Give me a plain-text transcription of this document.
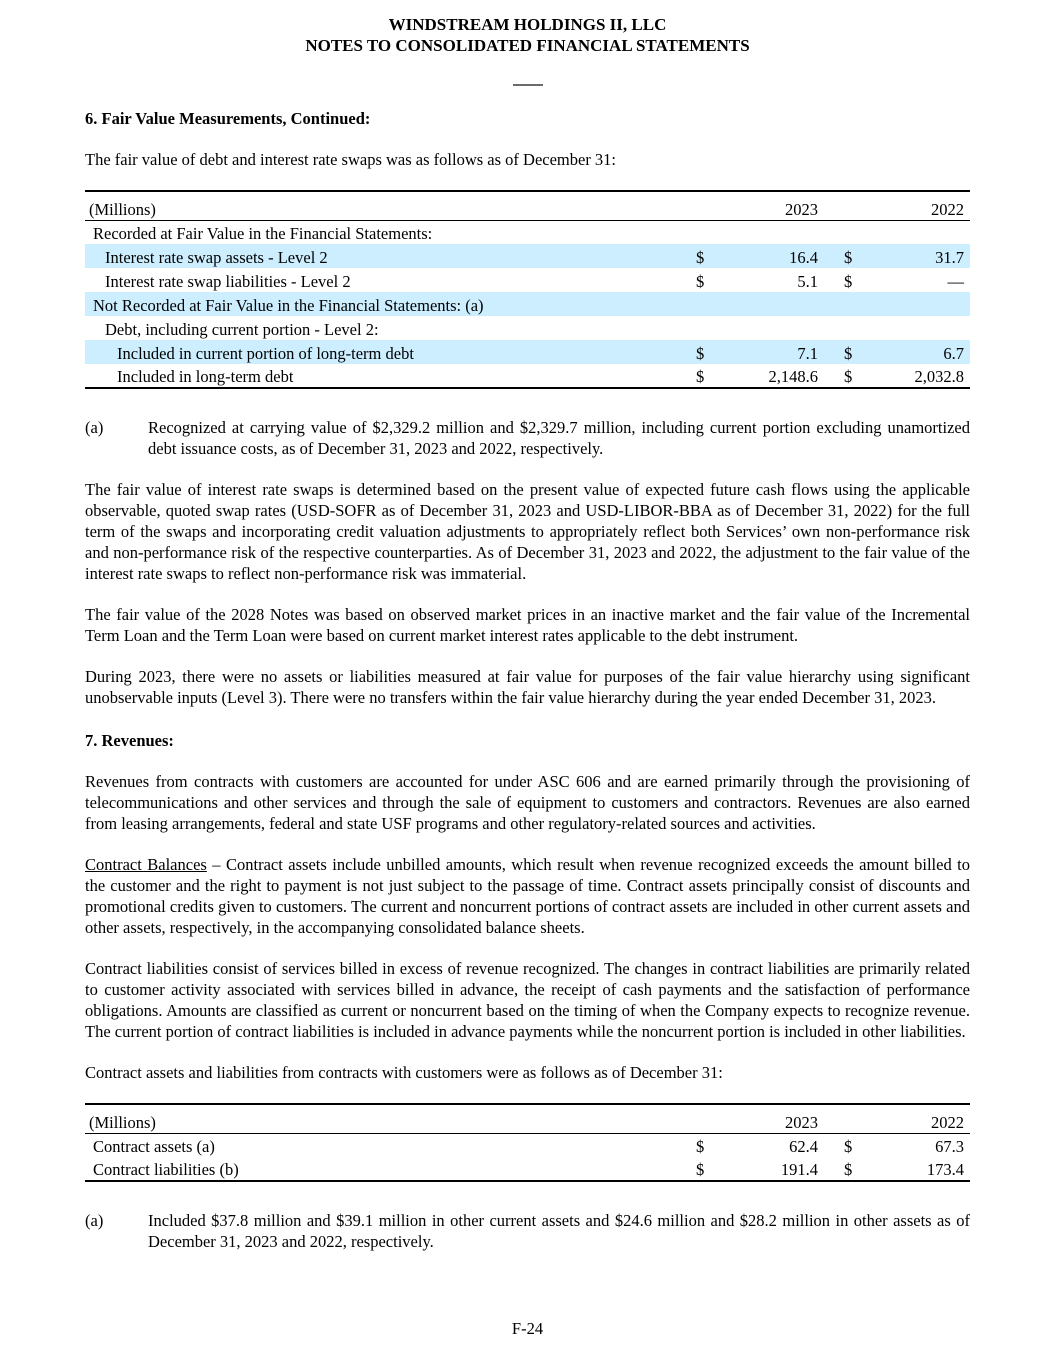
WINDSTREAM HOLDINGS II, LLC
NOTES TO CONSOLIDATED FINANCIAL STATEMENTS
6. Fair Value Measurements, Continued:
The fair value of debt and interest rate swaps was as follows as of December 31:
(Millions)	2023		2022		
Recorded at Fair Value in the Financial Statements:					
Interest rate swap assets - Level 2	$	16.4		$	31.7
Interest rate swap liabilities - Level 2	$	5.1		$	—
Not Recorded at Fair Value in the Financial Statements: (a)					
Debt, including current portion - Level 2:					
Included in current portion of long-term debt	$	7.1		$	6.7
Included in long-term debt	$	2,148.6		$	2,032.8
(a)	Recognized at carrying value of $2,329.2 million and $2,329.7 million, including current portion excluding unamortized debt issuance costs, as of December 31, 2023 and 2022, respectively.
The fair value of interest rate swaps is determined based on the present value of expected future cash flows using the applicable observable, quoted swap rates (USD-SOFR as of December 31, 2023 and USD-LIBOR-BBA as of December 31, 2022) for the full term of the swaps and incorporating credit valuation adjustments to appropriately reflect both Services’ own non-performance risk and non-performance risk of the respective counterparties. As of December 31, 2023 and 2022, the adjustment to the fair value of the interest rate swaps to reflect non-performance risk was immaterial.
The fair value of the 2028 Notes was based on observed market prices in an inactive market and the fair value of the Incremental Term Loan and the Term Loan were based on current market interest rates applicable to the debt instrument.
During 2023, there were no assets or liabilities measured at fair value for purposes of the fair value hierarchy using significant unobservable inputs (Level 3). There were no transfers within the fair value hierarchy during the year ended December 31, 2023.
7. Revenues:
Revenues from contracts with customers are accounted for under ASC 606 and are earned primarily through the provisioning of telecommunications and other services and through the sale of equipment to customers and contractors. Revenues are also earned from leasing arrangements, federal and state USF programs and other regulatory-related sources and activities.
Contract Balances – Contract assets include unbilled amounts, which result when revenue recognized exceeds the amount billed to the customer and the right to payment is not just subject to the passage of time. Contract assets principally consist of discounts and promotional credits given to customers. The current and noncurrent portions of contract assets are included in other current assets and other assets, respectively, in the accompanying consolidated balance sheets.
Contract liabilities consist of services billed in excess of revenue recognized. The changes in contract liabilities are primarily related to customer activity associated with services billed in advance, the receipt of cash payments and the satisfaction of performance obligations. Amounts are classified as current or noncurrent based on the timing of when the Company expects to recognize revenue. The current portion of contract liabilities is included in advance payments while the noncurrent portion is included in other liabilities.
Contract assets and liabilities from contracts with customers were as follows as of December 31:
(Millions)	2023		2022		
Contract assets (a)	$	62.4		$	67.3
Contract liabilities (b)	$	191.4		$	173.4
(a)	Included $37.8 million and $39.1 million in other current assets and $24.6 million and $28.2 million in other assets as of December 31, 2023 and 2022, respectively.
F-24
